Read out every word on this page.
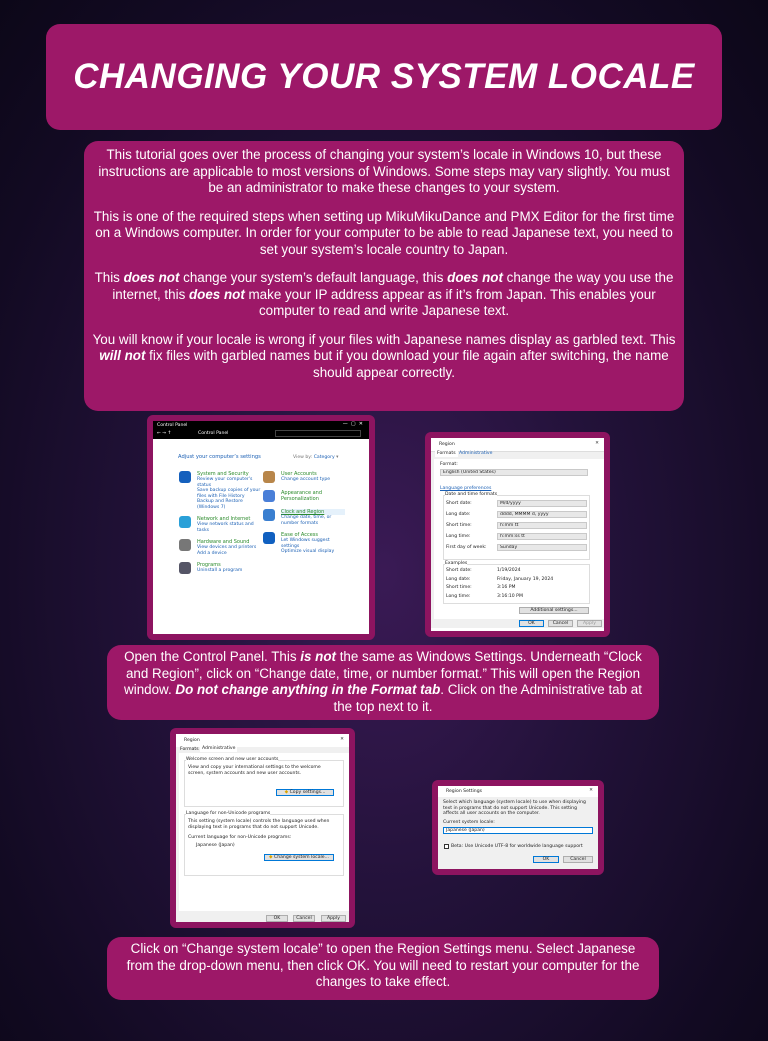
CHANGING YOUR SYSTEM LOCALE

This tutorial goes over the process of changing your system’s locale in Windows 10, but these instructions are applicable to most versions of Windows. Some steps may vary slightly. You must be an administrator to make these changes to your system.

This is one of the required steps when setting up MikuMikuDance and PMX Editor for the first time on a Windows computer. In order for your computer to be able to read Japanese text, you need to set your system’s locale country to Japan.

This does not change your system’s default language, this does not change the way you use the internet, this does not make your IP address appear as if it’s from Japan. This enables your computer to read and write Japanese text.

You will know if your locale is wrong if your files with Japanese names display as garbled text. This will not fix files with garbled names but if you download your file again after switching, the name should appear correctly.

Control Panel	—  ▢  ✕
← → ↑	Control Panel
Adjust your computer’s settings	View by: Category ▾
System and Security
Review your computer's status
Save backup copies of your files with File History
Backup and Restore (Windows 7)
Network and Internet
View network status and tasks
Hardware and Sound
View devices and printers
Add a device
Programs
Uninstall a program
User Accounts
Change account type
Appearance and Personalization
Clock and Region
Change date, time, or number formats
Ease of Access
Let Windows suggest settings
Optimize visual display
Region	✕
Formats Administrative
Format:
English (United States)
Language preferences
Date and time formats
Short date:	M/d/yyyy
Long date:	dddd, MMMM d, yyyy
Short time:	h:mm tt
Long time:	h:mm:ss tt
First day of week:	Sunday
Examples
Short date:	1/19/2024
Long date:	Friday, January 19, 2024
Short time:	3:16 PM
Long time:	3:16:10 PM
Additional settings...
OK	Cancel	Apply
Open the Control Panel. This is not the same as Windows Settings. Underneath “Clock and Region”, click on “Change date, time, or number format.” This will open the Region window. Do not change anything in the Format tab. Click on the Administrative tab at the top next to it.
Region	✕
Formats Administrative
Welcome screen and new user accounts
View and copy your international settings to the welcome screen, system accounts and new user accounts.
◆ Copy settings...
Language for non-Unicode programs
This setting (system locale) controls the language used when displaying text in programs that do not support Unicode.
Current language for non-Unicode programs:
Japanese (Japan)
◆ Change system locale...
OK	Cancel	Apply
Region Settings	✕
Select which language (system locale) to use when displaying text in programs that do not support Unicode. This setting affects all user accounts on the computer.
Current system locale:
Japanese (Japan)
Beta: Use Unicode UTF-8 for worldwide language support
OK	Cancel
Click on “Change system locale” to open the Region Settings menu. Select Japanese from the drop-down menu, then click OK. You will need to restart your computer for the changes to take effect.
